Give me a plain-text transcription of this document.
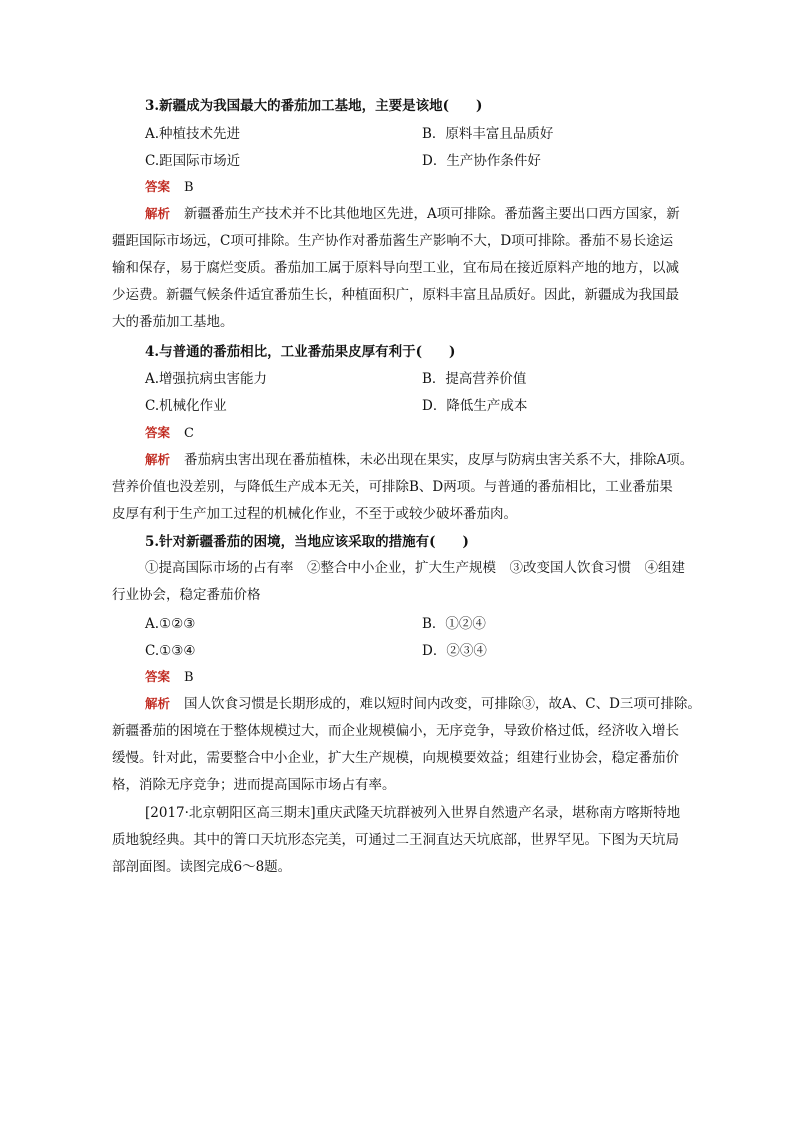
3.新疆成为我国最大的番茄加工基地，主要是该地(　　)
A.种植技术先进	B．原料丰富且品质好
C.距国际市场近	D．生产协作条件好
答案 B
解析 新疆番茄生产技术并不比其他地区先进，A项可排除。番茄酱主要出口西方国家，新
疆距国际市场远，C项可排除。生产协作对番茄酱生产影响不大，D项可排除。番茄不易长途运
输和保存，易于腐烂变质。番茄加工属于原料导向型工业，宜布局在接近原料产地的地方，以减
少运费。新疆气候条件适宜番茄生长，种植面积广，原料丰富且品质好。因此，新疆成为我国最
大的番茄加工基地。
4.与普通的番茄相比，工业番茄果皮厚有利于(　　)
A.增强抗病虫害能力	B．提高营养价值
C.机械化作业	D．降低生产成本
答案 C
解析 番茄病虫害出现在番茄植株，未必出现在果实，皮厚与防病虫害关系不大，排除A项。
营养价值也没差别，与降低生产成本无关，可排除B、D两项。与普通的番茄相比，工业番茄果
皮厚有利于生产加工过程的机械化作业，不至于或较少破坏番茄肉。
5.针对新疆番茄的困境，当地应该采取的措施有(　　)
①提高国际市场的占有率　②整合中小企业，扩大生产规模　③改变国人饮食习惯　④组建
行业协会，稳定番茄价格
A.①②③	B．①②④
C.①③④	D．②③④
答案 B
解析 国人饮食习惯是长期形成的，难以短时间内改变，可排除③，故A、C、D三项可排除。
新疆番茄的困境在于整体规模过大，而企业规模偏小，无序竞争，导致价格过低，经济收入增长
缓慢。针对此，需要整合中小企业，扩大生产规模，向规模要效益；组建行业协会，稳定番茄价
格，消除无序竞争；进而提高国际市场占有率。
[2017·北京朝阳区高三期末]重庆武隆天坑群被列入世界自然遗产名录，堪称南方喀斯特地
质地貌经典。其中的箐口天坑形态完美，可通过二王洞直达天坑底部，世界罕见。下图为天坑局
部剖面图。读图完成6～8题。
